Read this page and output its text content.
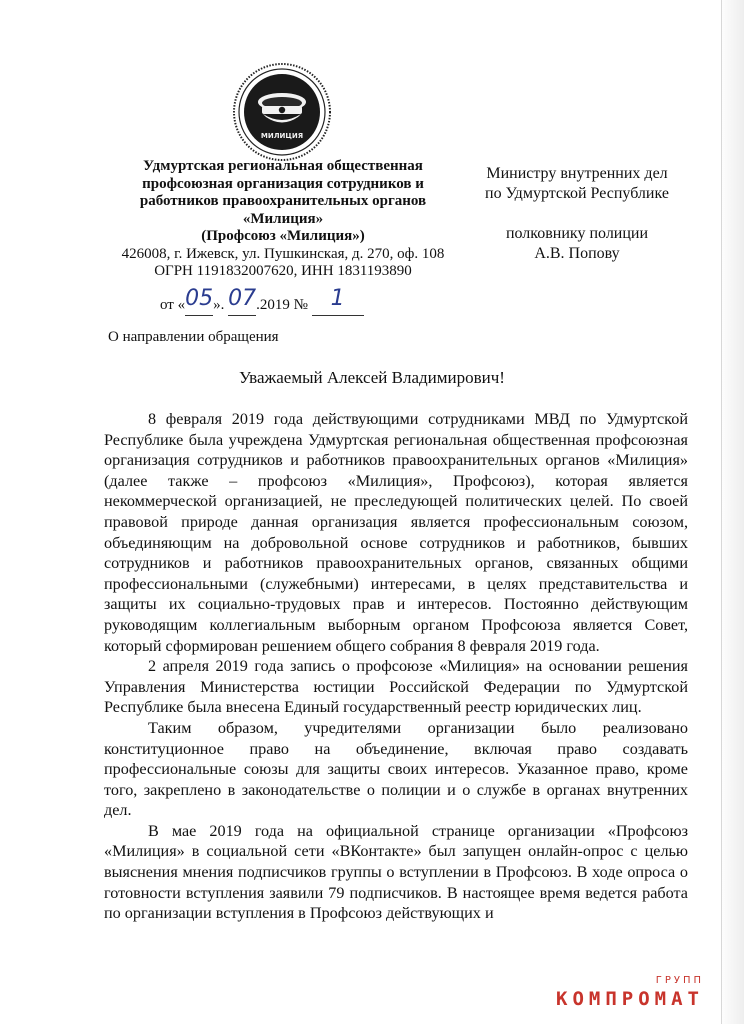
МИЛИЦИЯ
Удмуртская региональная общественная
профсоюзная организация сотрудников и
работников правоохранительных органов
«Милиция»
(Профсоюз «Милиция»)
426008, г. Ижевск, ул. Пушкинская, д. 270, оф. 108
ОГРН 1191832007620, ИНН 1831193890
от «05». 07.2019 № 1
О направлении обращения
Министру внутренних дел
по Удмуртской Республике
полковнику полиции
А.В. Попову
Уважаемый Алексей Владимирович!

8 февраля 2019 года действующими сотрудниками МВД по Удмуртской Республике была учреждена Удмуртская региональная общественная профсоюзная организация сотрудников и работников правоохранительных органов «Милиция» (далее также – профсоюз «Милиция», Профсоюз), которая является некоммерческой организацией, не преследующей политических целей. По своей правовой природе данная организация является профессиональным союзом, объединяющим на добровольной основе сотрудников и работников, бывших сотрудников и работников правоохранительных органов, связанных общими профессиональными (служебными) интересами, в целях представительства и защиты их социально-трудовых прав и интересов. Постоянно действующим руководящим коллегиальным выборным органом Профсоюза является Совет, который сформирован решением общего собрания 8 февраля 2019 года.

2 апреля 2019 года запись о профсоюзе «Милиция» на основании решения Управления Министерства юстиции Российской Федерации по Удмуртской Республике была внесена Единый государственный реестр юридических лиц.

Таким образом, учредителями организации было реализовано конституционное право на объединение, включая право создавать профессиональные союзы для защиты своих интересов. Указанное право, кроме того, закреплено в законодательстве о полиции и о службе в органах внутренних дел.

В мае 2019 года на официальной странице организации «Профсоюз «Милиция» в социальной сети «ВКонтакте» был запущен онлайн-опрос с целью выяснения мнения подписчиков группы о вступлении в Профсоюз. В ходе опроса о готовности вступления заявили 79 подписчиков. В настоящее время ведется работа по организации вступления в Профсоюз действующих и

ГРУПП
КОМПРОМАТ
